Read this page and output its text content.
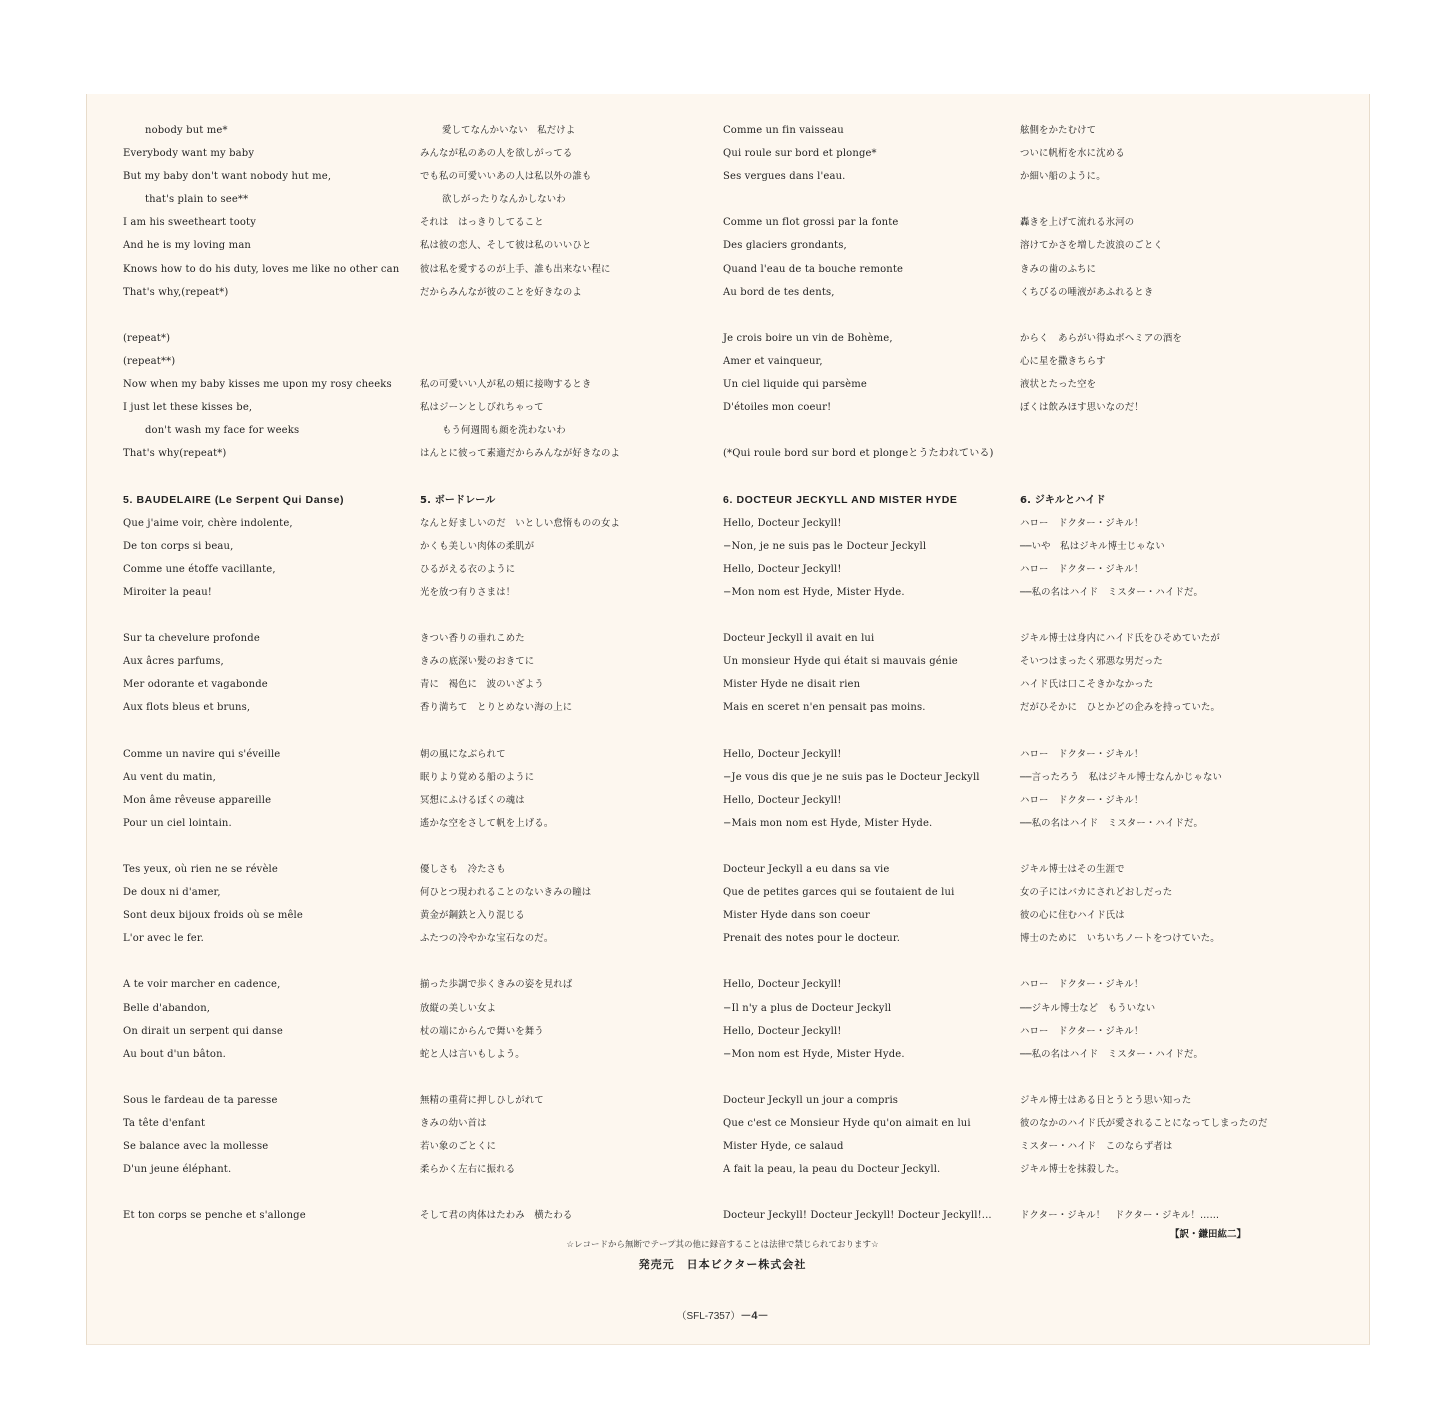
nobody but me*
Everybody want my baby
But my baby don't want nobody hut me,
that's plain to see**
I am his sweetheart tooty
And he is my loving man
Knows how to do his duty, loves me like no other can
That's why,(repeat*)
(repeat*)
(repeat**)
Now when my baby kisses me upon my rosy cheeks
I just let these kisses be,
don't wash my face for weeks
That's why(repeat*)
5. BAUDELAIRE (Le Serpent Qui Danse)
Que j'aime voir, chère indolente,
De ton corps si beau,
Comme une étoffe vacillante,
Miroiter la peau!
Sur ta chevelure profonde
Aux âcres parfums,
Mer odorante et vagabonde
Aux flots bleus et bruns,
Comme un navire qui s'éveille
Au vent du matin,
Mon âme rêveuse appareille
Pour un ciel lointain.
Tes yeux, où rien ne se révèle
De doux ni d'amer,
Sont deux bijoux froids où se mêle
L'or avec le fer.
A te voir marcher en cadence,
Belle d'abandon,
On dirait un serpent qui danse
Au bout d'un bâton.
Sous le fardeau de ta paresse
Ta tête d'enfant
Se balance avec la mollesse
D'un jeune éléphant.
Et ton corps se penche et s'allonge
愛してなんかいない　私だけよ
みんなが私のあの人を欲しがってる
でも私の可愛いいあの人は私以外の誰も
欲しがったりなんかしないわ
それは　はっきりしてること
私は彼の恋人、そして彼は私のいいひと
彼は私を愛するのが上手、誰も出来ない程に
だからみんなが彼のことを好きなのよ
私の可愛いい人が私の頬に接吻するとき
私はジーンとしびれちゃって
もう何週間も顔を洗わないわ
はんとに彼って素適だからみんなが好きなのよ
5. ボードレール
なんと好ましいのだ　いとしい怠惰ものの女よ
かくも美しい肉体の柔肌が
ひるがえる衣のように
光を放つ有りさまは！
きつい香りの垂れこめた
きみの底深い髪のおきてに
青に　褐色に　波のいざよう
香り満ちて　とりとめない海の上に
朝の風になぶられて
眠りより覚める船のように
冥想にふけるぼくの魂は
遙かな空をさして帆を上げる。
優しさも　冷たさも
何ひとつ現われることのないきみの瞳は
黄金が鋼鉄と入り混じる
ふたつの冷やかな宝石なのだ。
揃った歩調で歩くきみの姿を見れば
放縦の美しい女よ
杖の端にからんで舞いを舞う
蛇と人は言いもしよう。
無精の重荷に押しひしがれて
きみの幼い首は
若い象のごとくに
柔らかく左右に振れる
そして君の肉体はたわみ　横たわる
Comme un fin vaisseau
Qui roule sur bord et plonge*
Ses vergues dans l'eau.
Comme un flot grossi par la fonte
Des glaciers grondants,
Quand l'eau de ta bouche remonte
Au bord de tes dents,
Je crois boire un vin de Bohème,
Amer et vainqueur,
Un ciel liquide qui parsème
D'étoiles mon coeur!
(*Qui roule bord sur bord et plongeとうたわれている)
6. DOCTEUR JECKYLL AND MISTER HYDE
Hello, Docteur Jeckyll!
−Non, je ne suis pas le Docteur Jeckyll
Hello, Docteur Jeckyll!
−Mon nom est Hyde, Mister Hyde.
Docteur Jeckyll il avait en lui
Un monsieur Hyde qui était si mauvais génie
Mister Hyde ne disait rien
Mais en sceret n'en pensait pas moins.
Hello, Docteur Jeckyll!
−Je vous dis que je ne suis pas le Docteur Jeckyll
Hello, Docteur Jeckyll!
−Mais mon nom est Hyde, Mister Hyde.
Docteur Jeckyll a eu dans sa vie
Que de petites garces qui se foutaient de lui
Mister Hyde dans son coeur
Prenait des notes pour le docteur.
Hello, Docteur Jeckyll!
−Il n'y a plus de Docteur Jeckyll
Hello, Docteur Jeckyll!
−Mon nom est Hyde, Mister Hyde.
Docteur Jeckyll un jour a compris
Que c'est ce Monsieur Hyde qu'on aimait en lui
Mister Hyde, ce salaud
A fait la peau, la peau du Docteur Jeckyll.
Docteur Jeckyll! Docteur Jeckyll! Docteur Jeckyll!...
舷側をかたむけて
ついに帆桁を水に沈める
か細い船のように。
轟きを上げて流れる氷河の
溶けてかさを増した波浪のごとく
きみの歯のふちに
くちびるの唾液があふれるとき
からく　あらがい得ぬボヘミアの酒を
心に星を撒きちらす
液状とたった空を
ぼくは飲みほす思いなのだ！
6. ジキルとハイド
ハロー　ドクター・ジキル！
──いや　私はジキル博士じゃない
ハロー　ドクター・ジキル！
──私の名はハイド　ミスター・ハイドだ。
ジキル博士は身内にハイド氏をひそめていたが
そいつはまったく邪悪な男だった
ハイド氏は口こそきかなかった
だがひそかに　ひとかどの企みを持っていた。
ハロー　ドクター・ジキル！
──言ったろう　私はジキル博士なんかじゃない
ハロー　ドクター・ジキル！
──私の名はハイド　ミスター・ハイドだ。
ジキル博士はその生涯で
女の子にはバカにされどおしだった
彼の心に住むハイド氏は
博士のために　いちいちノートをつけていた。
ハロー　ドクター・ジキル！
──ジキル博士など　もういない
ハロー　ドクター・ジキル！
──私の名はハイド　ミスター・ハイドだ。
ジキル博士はある日とうとう思い知った
彼のなかのハイド氏が愛されることになってしまったのだ
ミスター・ハイド　このならず者は
ジキル博士を抹殺した。
ドクター・ジキル！　ドクター・ジキル！……
【訳・鎌田紘二】
☆レコードから無断でテープ其の他に録音することは法律で禁じられております☆
発売元　日本ビクター株式会社
（SFL-7357）－4－
